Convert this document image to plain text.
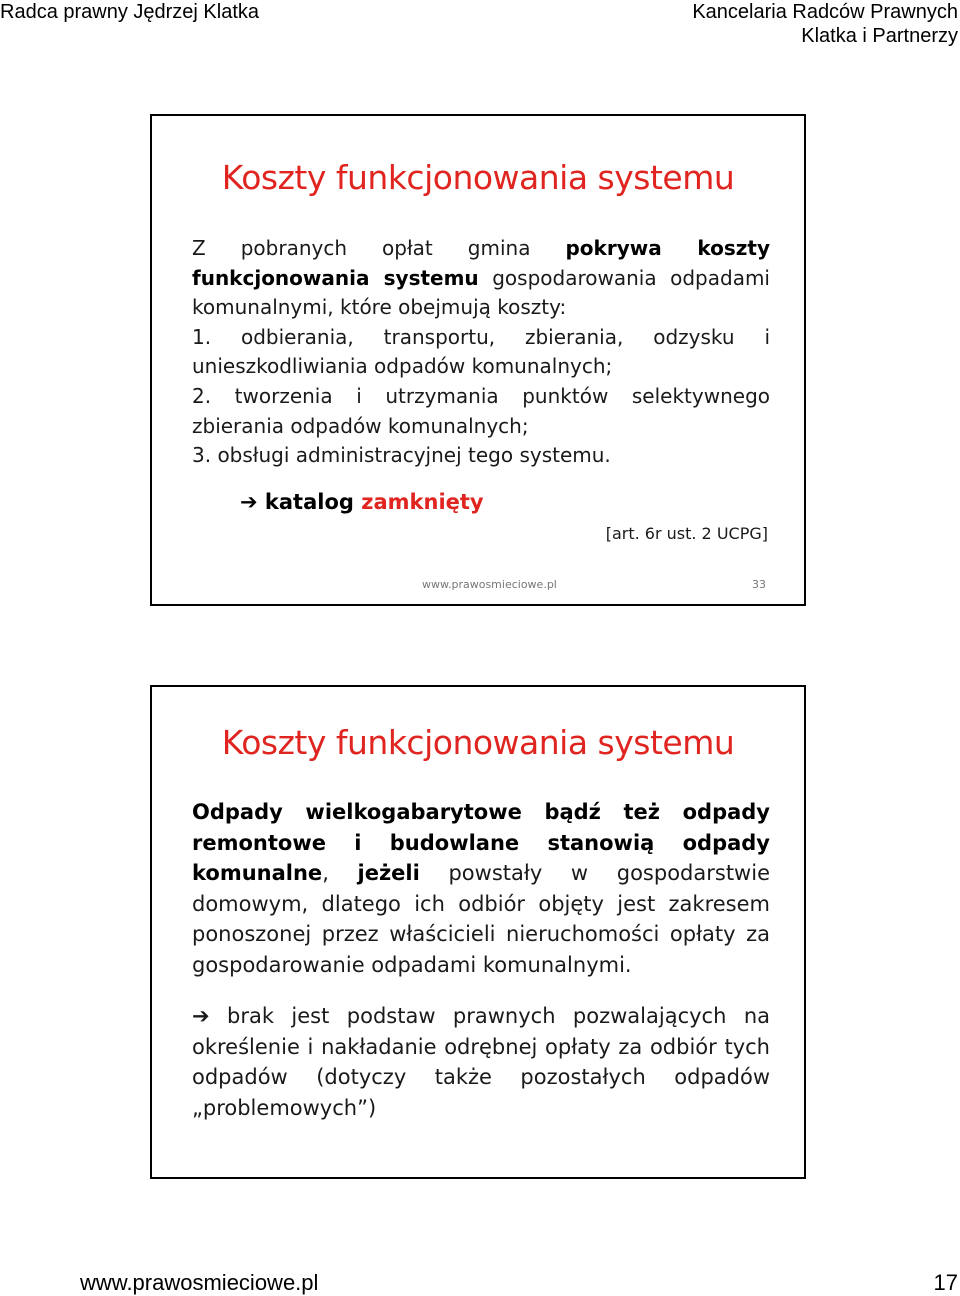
Radca prawny Jędrzej Klatka	Kancelaria Radców Prawnych
Klatka i Partnerzy
Koszty funkcjonowania systemu
Z pobranych opłat gmina pokrywa koszty
funkcjonowania systemu gospodarowania odpadami
komunalnymi, które obejmują koszty:
1. odbierania, transportu, zbierania, odzysku i
unieszkodliwiania odpadów komunalnych;
2. tworzenia i utrzymania punktów selektywnego
zbierania odpadów komunalnych;
3. obsługi administracyjnej tego systemu.
➔ katalog zamknięty
[art. 6r ust. 2 UCPG]
www.prawosmieciowe.pl	33
Koszty funkcjonowania systemu
Odpady wielkogabarytowe bądź też odpady
remontowe i budowlane stanowią odpady
komunalne, jeżeli powstały w gospodarstwie
domowym, dlatego ich odbiór objęty jest zakresem
ponoszonej przez właścicieli nieruchomości opłaty za
gospodarowanie odpadami komunalnymi.
➔ brak jest podstaw prawnych pozwalających na
określenie i nakładanie odrębnej opłaty za odbiór tych
odpadów (dotyczy także pozostałych odpadów
„problemowych”)
www.prawosmieciowe.pl	17
